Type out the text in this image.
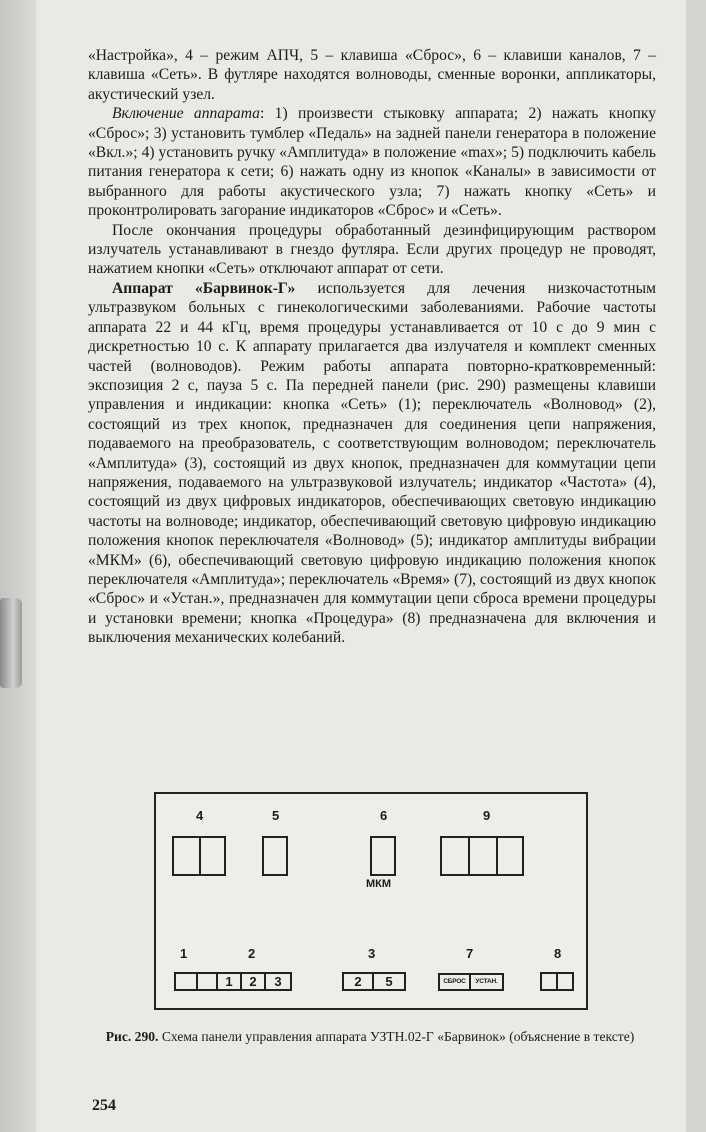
«Настройка», 4 – режим АПЧ, 5 – клавиша «Сброс», 6 – клавиши каналов, 7 – клавиша «Сеть». В футляре находятся волноводы, сменные воронки, аппликаторы, акустический узел.

Включение аппарата: 1) произвести стыковку аппарата; 2) нажать кнопку «Сброс»; 3) установить тумблер «Педаль» на задней панели генератора в положение «Вкл.»; 4) установить ручку «Амплитуда» в положение «max»; 5) подключить кабель питания генератора к сети; 6) нажать одну из кнопок «Каналы» в зависимости от выбранного для работы акустического узла; 7) нажать кнопку «Сеть» и проконтролировать загорание индикаторов «Сброс» и «Сеть».

После окончания процедуры обработанный дезинфицирующим раствором излучатель устанавливают в гнездо футляра. Если других процедур не проводят, нажатием кнопки «Сеть» отключают аппарат от сети.

Аппарат «Барвинок-Г» используется для лечения низкочастотным ультразвуком больных с гинекологическими заболеваниями. Рабочие частоты аппарата 22 и 44 кГц, время процедуры устанавливается от 10 с до 9 мин с дискретностью 10 с. К аппарату прилагается два излучателя и комплект сменных частей (волноводов). Режим работы аппарата повторно-кратковременный: экспозиция 2 с, пауза 5 с. Па передней панели (рис. 290) размещены клавиши управления и индикации: кнопка «Сеть» (1); переключатель «Волновод» (2), состоящий из трех кнопок, предназначен для соединения цепи напряжения, подаваемого на преобразователь, с соответствующим волноводом; переключатель «Амплитуда» (3), состоящий из двух кнопок, предназначен для коммутации цепи напряжения, подаваемого на ультразвуковой излучатель; индикатор «Частота» (4), состоящий из двух цифровых индикаторов, обеспечивающих световую индикацию частоты на волноводе; индикатор, обеспечивающий световую цифровую индикацию положения кнопок переключателя «Волновод» (5); индикатор амплитуды вибрации «МКМ» (6), обеспечивающий световую цифровую индикацию положения кнопок переключателя «Амплитуда»; переключатель «Время» (7), состоящий из двух кнопок «Сброс» и «Устан.», предназначен для коммутации цепи сброса времени процедуры и установки времени; кнопка «Процедура» (8) предназначена для включения и выключения механических колебаний.

4	5	6	9
МКМ
1	2	3	7	8
1	2	3	2	5	СБРОС	УСТАН.
Рис. 290. Схема панели управления аппарата УЗТН.02-Г «Барвинок» (объяснение в тексте)
254
